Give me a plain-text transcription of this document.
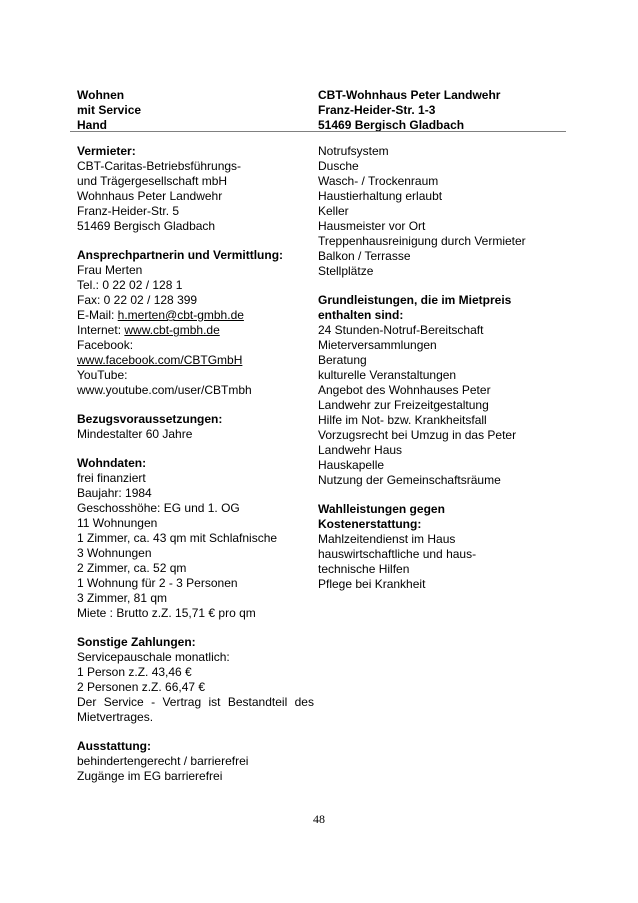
Wohnen
mit Service
Hand
CBT-Wohnhaus Peter Landwehr
Franz-Heider-Str. 1-3
51469 Bergisch Gladbach
Vermieter:
CBT-Caritas-Betriebsführungs-
und Trägergesellschaft mbH
Wohnhaus Peter Landwehr
Franz-Heider-Str. 5
51469 Bergisch Gladbach
Ansprechpartnerin und Vermittlung:
Frau Merten
Tel.: 0 22 02 / 128 1
Fax: 0 22 02 / 128 399
E-Mail: h.merten@cbt-gmbh.de
Internet: www.cbt-gmbh.de
Facebook:
www.facebook.com/CBTGmbH
YouTube:
www.youtube.com/user/CBTmbh
Bezugsvoraussetzungen:
Mindestalter 60 Jahre
Wohndaten:
frei finanziert
Baujahr: 1984
Geschosshöhe: EG und 1. OG
11 Wohnungen
1 Zimmer, ca. 43 qm mit Schlafnische
3 Wohnungen
2 Zimmer, ca. 52 qm
1 Wohnung für 2 - 3 Personen
3 Zimmer, 81 qm
Miete : Brutto z.Z. 15,71 € pro qm
Sonstige Zahlungen:
Servicepauschale monatlich:
1 Person z.Z. 43,46 €
2 Personen z.Z. 66,47 €
Der Service - Vertrag ist Bestandteil des
Mietvertrages.
Ausstattung:
behindertengerecht / barrierefrei
Zugänge im EG barrierefrei
Notrufsystem
Dusche
Wasch- / Trockenraum
Haustierhaltung erlaubt
Keller
Hausmeister vor Ort
Treppenhausreinigung durch Vermieter
Balkon / Terrasse
Stellplätze
Grundleistungen, die im Mietpreis
enthalten sind:
24 Stunden-Notruf-Bereitschaft
Mieterversammlungen
Beratung
kulturelle Veranstaltungen
Angebot des Wohnhauses Peter
Landwehr zur Freizeitgestaltung
Hilfe im Not- bzw. Krankheitsfall
Vorzugsrecht bei Umzug in das Peter
Landwehr Haus
Hauskapelle
Nutzung der Gemeinschaftsräume
Wahlleistungen gegen
Kostenerstattung:
Mahlzeitendienst im Haus
hauswirtschaftliche und haus-
technische Hilfen
Pflege bei Krankheit
48
